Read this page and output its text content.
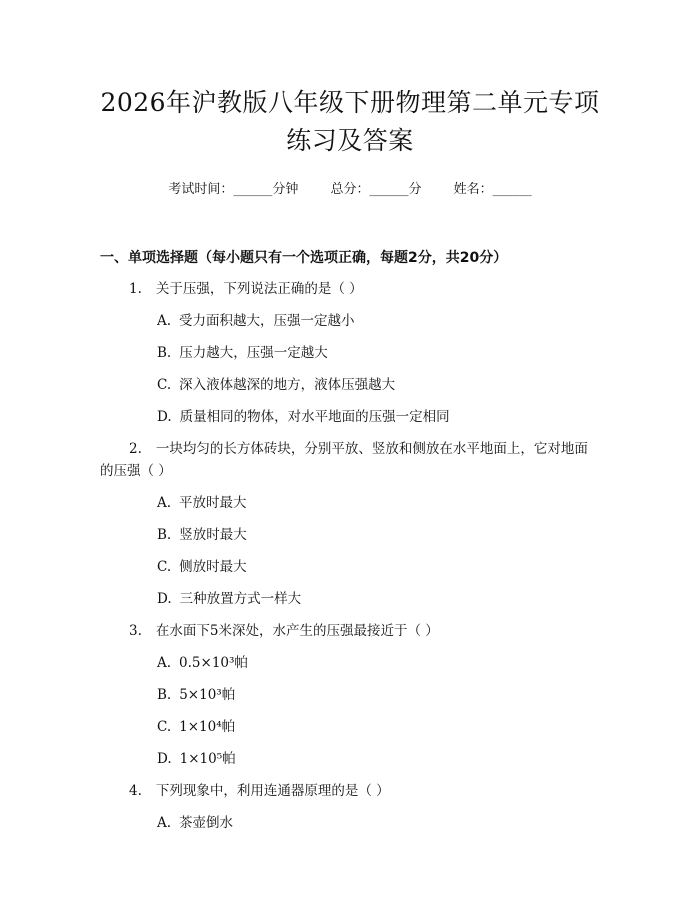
2026年沪教版八年级下册物理第二单元专项
练习及答案
考试时间：______分钟 总分：______分 姓名：______
一、单项选择题（每小题只有一个选项正确，每题2分，共20分）
1. 关于压强，下列说法正确的是（ ）
A. 受力面积越大，压强一定越小
B. 压力越大，压强一定越大
C. 深入液体越深的地方，液体压强越大
D. 质量相同的物体，对水平地面的压强一定相同
2. 一块均匀的长方体砖块，分别平放、竖放和侧放在水平地面上，它对地面的压强（ ）
A. 平放时最大
B. 竖放时最大
C. 侧放时最大
D. 三种放置方式一样大
3. 在水面下5米深处，水产生的压强最接近于（ ）
A. 0.5×10³帕
B. 5×10³帕
C. 1×10⁴帕
D. 1×10⁵帕
4. 下列现象中，利用连通器原理的是（ ）
A. 茶壶倒水
